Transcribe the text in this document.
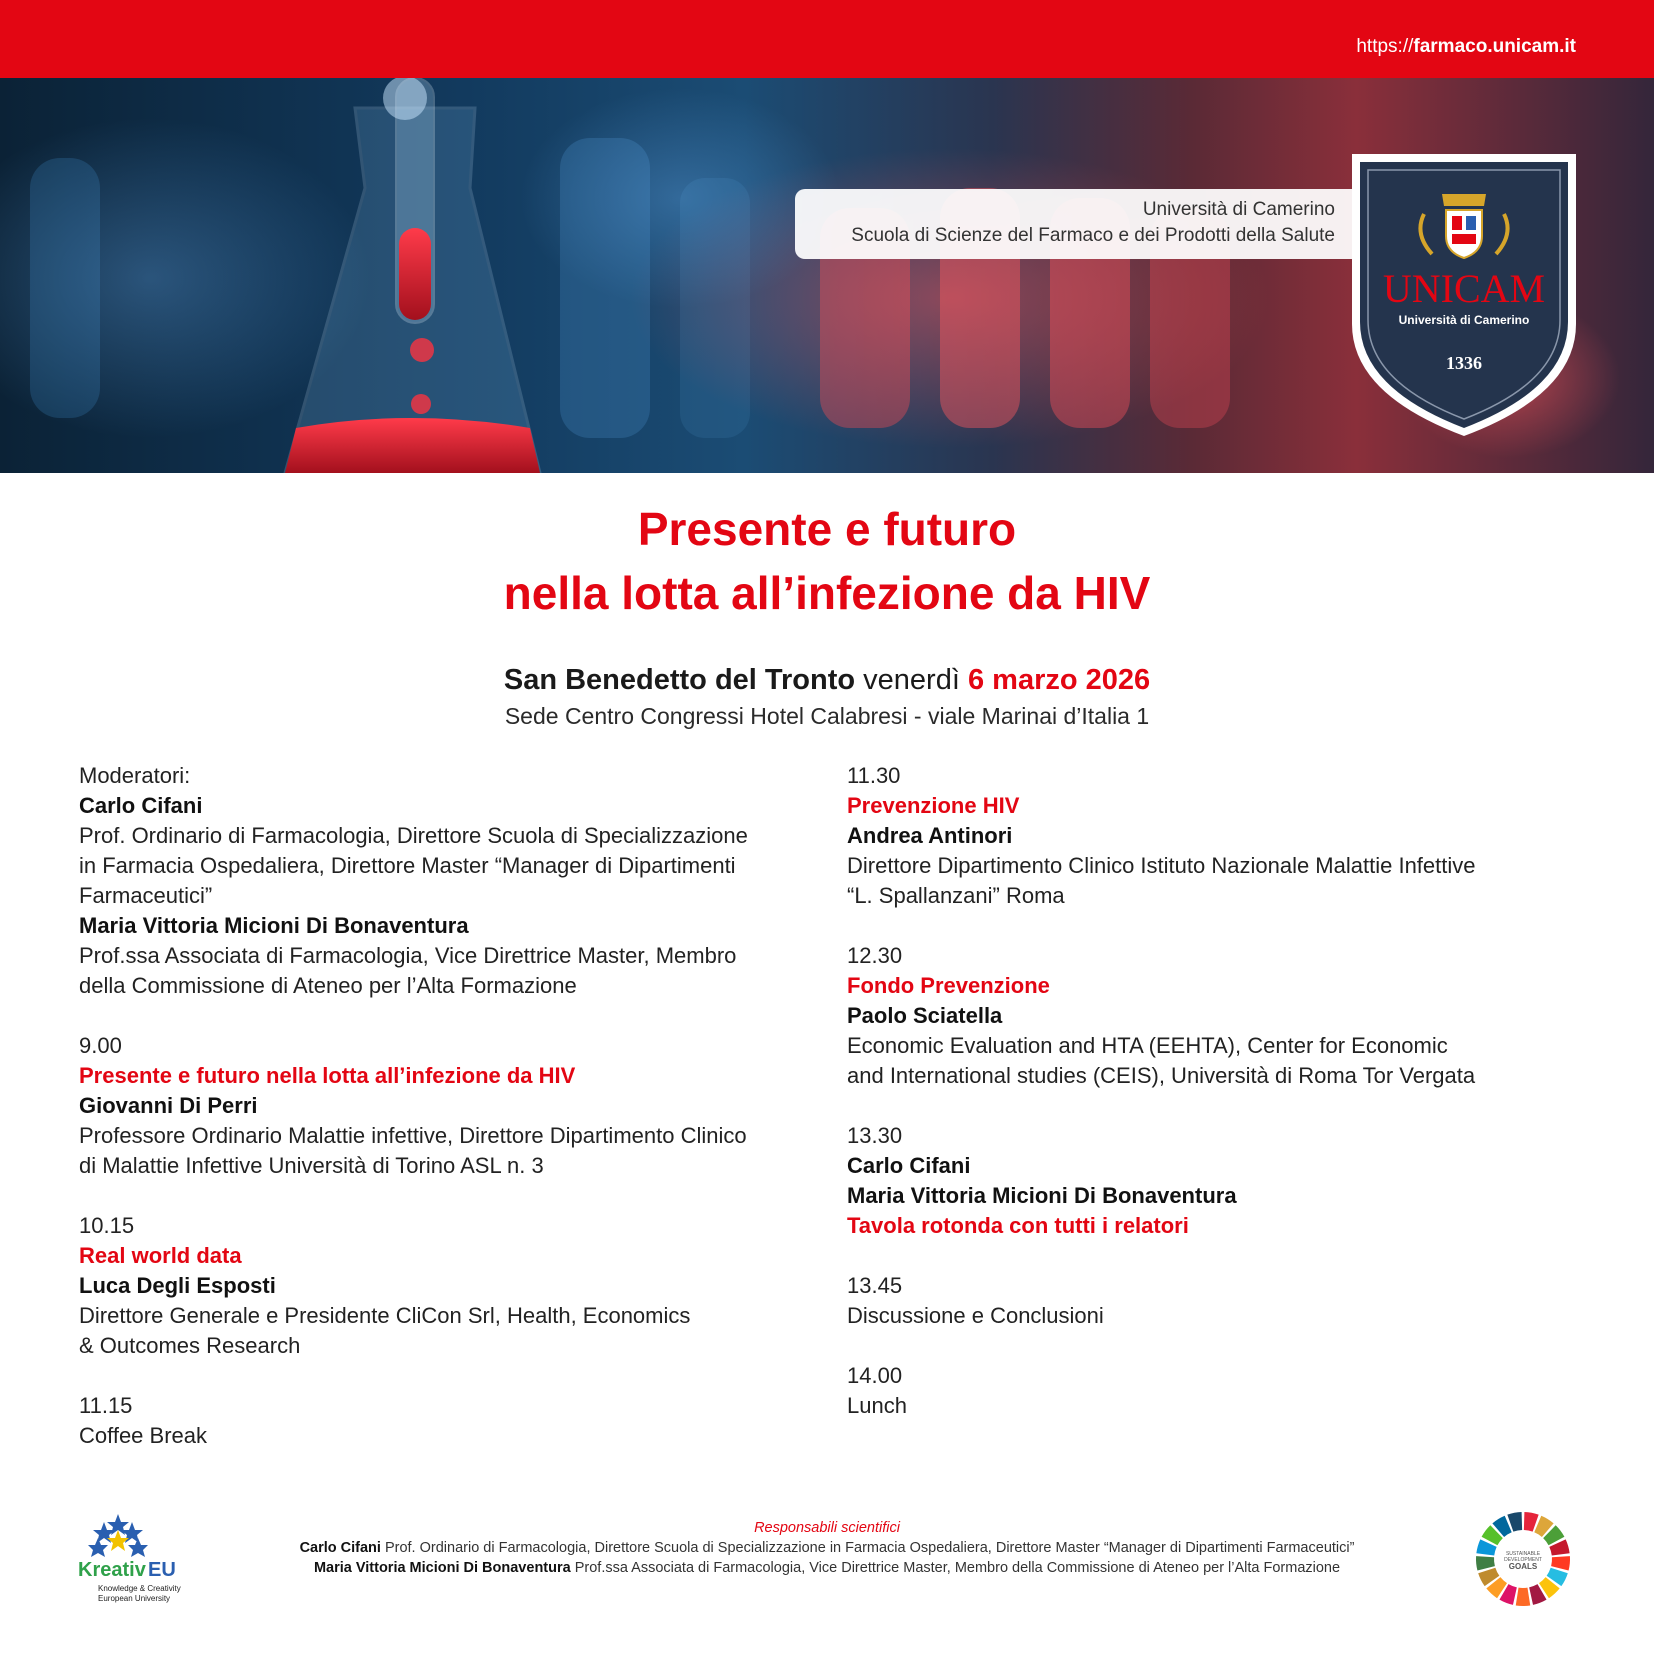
https://farmaco.unicam.it
Università di Camerino
Scuola di Scienze del Farmaco e dei Prodotti della Salute
UNICAM
Università di Camerino
1336
Presente e futuro
nella lotta all’infezione da HIV
San Benedetto del Tronto venerdì 6 marzo 2026
Sede Centro Congressi Hotel Calabresi - viale Marinai d’Italia 1
Moderatori:
Carlo Cifani
Prof. Ordinario di Farmacologia, Direttore Scuola di Specializzazione
in Farmacia Ospedaliera, Direttore Master “Manager di Dipartimenti
Farmaceutici”
Maria Vittoria Micioni Di Bonaventura
Prof.ssa Associata di Farmacologia, Vice Direttrice Master, Membro
della Commissione di Ateneo per l’Alta Formazione
9.00
Presente e futuro nella lotta all’infezione da HIV
Giovanni Di Perri
Professore Ordinario Malattie infettive, Direttore Dipartimento Clinico
di Malattie Infettive Università di Torino ASL n. 3
10.15
Real world data
Luca Degli Esposti
Direttore Generale e Presidente CliCon Srl, Health, Economics
& Outcomes Research
11.15
Coffee Break
11.30
Prevenzione HIV
Andrea Antinori
Direttore Dipartimento Clinico Istituto Nazionale Malattie Infettive
“L. Spallanzani” Roma
12.30
Fondo Prevenzione
Paolo Sciatella
Economic Evaluation and HTA (EEHTA), Center for Economic
and International studies (CEIS), Università di Roma Tor Vergata
13.30
Carlo Cifani
Maria Vittoria Micioni Di Bonaventura
Tavola rotonda con tutti i relatori
13.45
Discussione e Conclusioni
14.00
Lunch
Kreativ EU
Knowledge & Creativity
European University
Responsabili scientifici
Carlo Cifani Prof. Ordinario di Farmacologia, Direttore Scuola di Specializzazione in Farmacia Ospedaliera, Direttore Master “Manager di Dipartimenti Farmaceutici”
Maria Vittoria Micioni Di Bonaventura Prof.ssa Associata di Farmacologia, Vice Direttrice Master, Membro della Commissione di Ateneo per l’Alta Formazione
SUSTAINABLE
DEVELOPMENT
GOALS
